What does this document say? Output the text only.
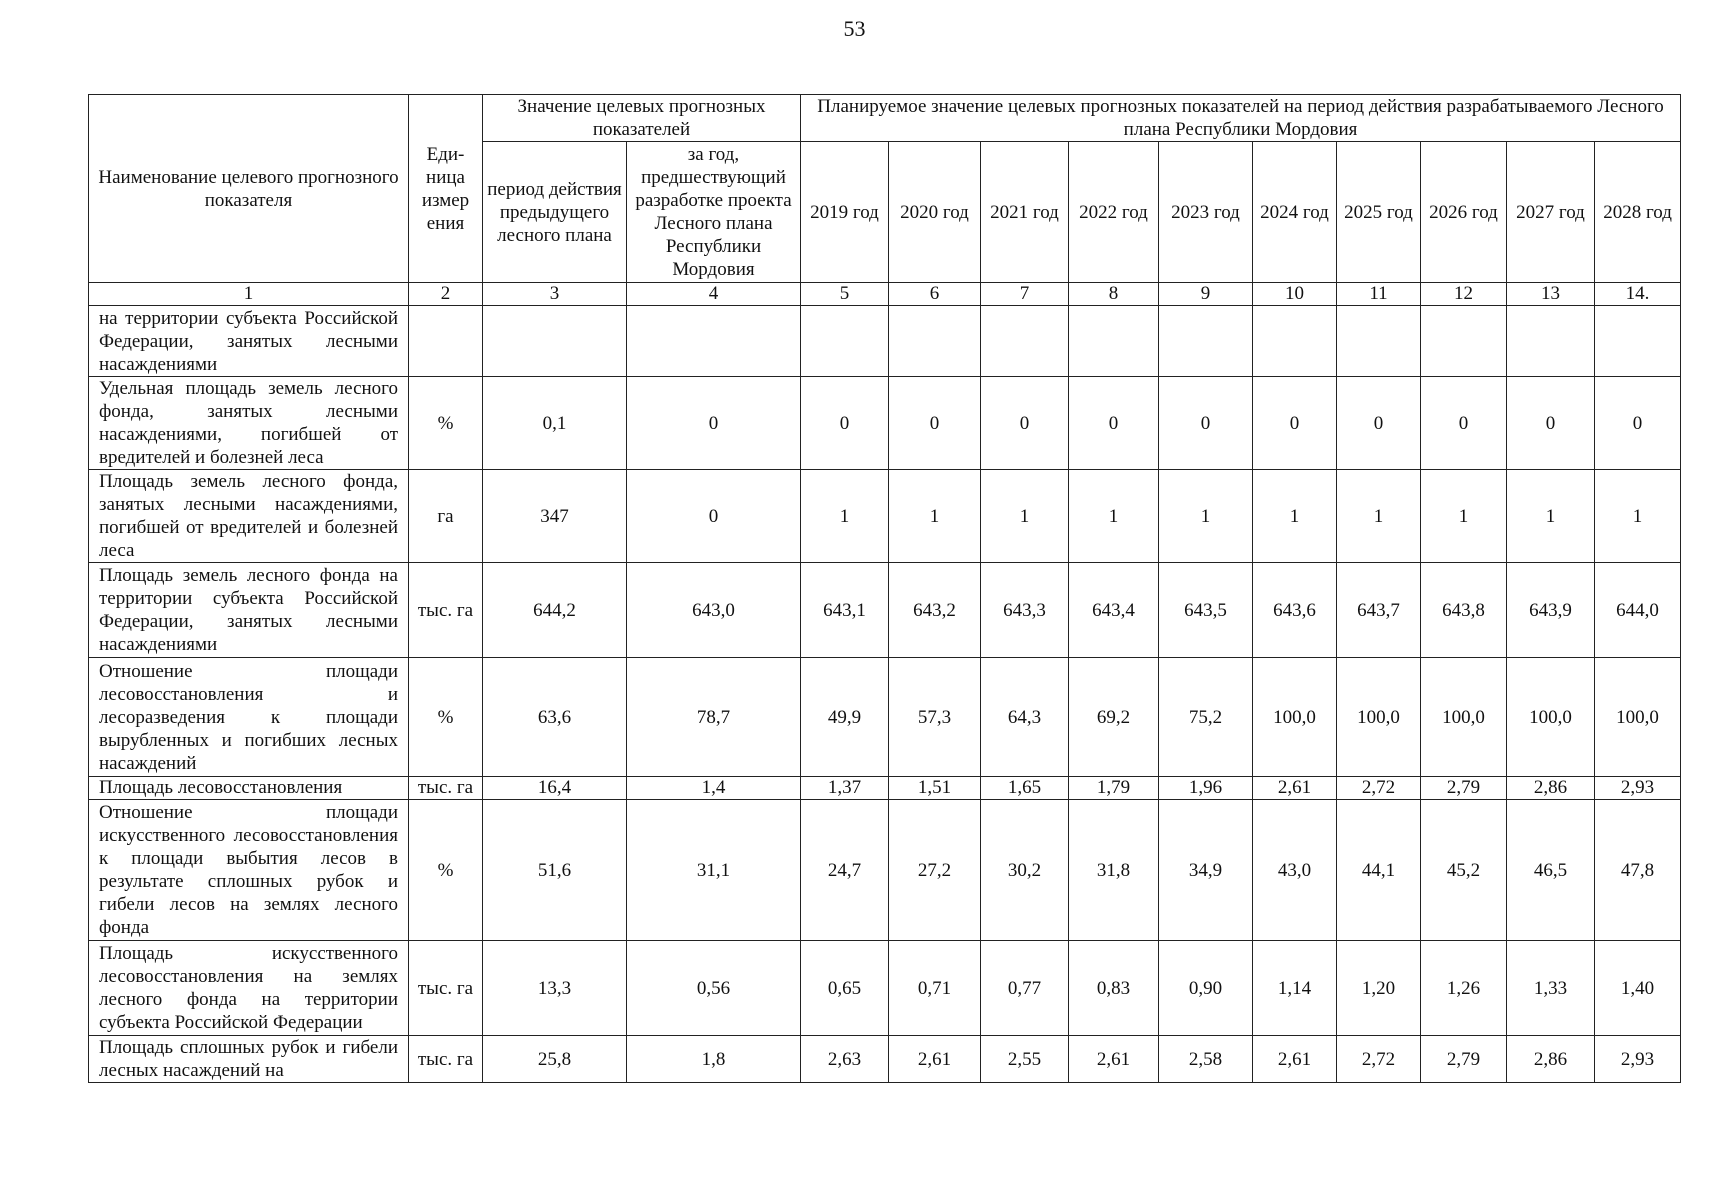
53
Наименование целевого прогнозного показателя	Еди-ница измер ения	Значение целевых прогнозных показателей		Планируемое значение целевых прогнозных показателей на период действия разрабатываемого Лесного плана Республики Мордовия									
		период действия предыдущего лесного плана	за год, предшествующий разработке проекта Лесного плана Республики Мордовия	2019 год	2020 год	2021 год	2022 год	2023 год	2024 год	2025 год	2026 год	2027 год	2028 год
1	2	3	4	5	6	7	8	9	10	11	12	13	14.
на территории субъекта Российской Федерации, занятых лесными насаждениями													
Удельная площадь земель лесного фонда, занятых лесными насаждениями, погибшей от вредителей и болезней леса	%	0,1	0	0	0	0	0	0	0	0	0	0	0
Площадь земель лесного фонда, занятых лесными насаждениями, погибшей от вредителей и болезней леса	га	347	0	1	1	1	1	1	1	1	1	1	1
Площадь земель лесного фонда на территории субъекта Российской Федерации, занятых лесными насаждениями	тыс. га	644,2	643,0	643,1	643,2	643,3	643,4	643,5	643,6	643,7	643,8	643,9	644,0
Отношение площади лесовосстановления и лесоразведения к площади вырубленных и погибших лесных насаждений	%	63,6	78,7	49,9	57,3	64,3	69,2	75,2	100,0	100,0	100,0	100,0	100,0
Площадь лесовосстановления	тыс. га	16,4	1,4	1,37	1,51	1,65	1,79	1,96	2,61	2,72	2,79	2,86	2,93
Отношение площади искусственного лесовосстановления к площади выбытия лесов в результате сплошных рубок и гибели лесов на землях лесного фонда	%	51,6	31,1	24,7	27,2	30,2	31,8	34,9	43,0	44,1	45,2	46,5	47,8
Площадь искусственного лесовосстановления на землях лесного фонда на территории субъекта Российской Федерации	тыс. га	13,3	0,56	0,65	0,71	0,77	0,83	0,90	1,14	1,20	1,26	1,33	1,40
Площадь сплошных рубок и гибели лесных насаждений на	тыс. га	25,8	1,8	2,63	2,61	2,55	2,61	2,58	2,61	2,72	2,79	2,86	2,93
